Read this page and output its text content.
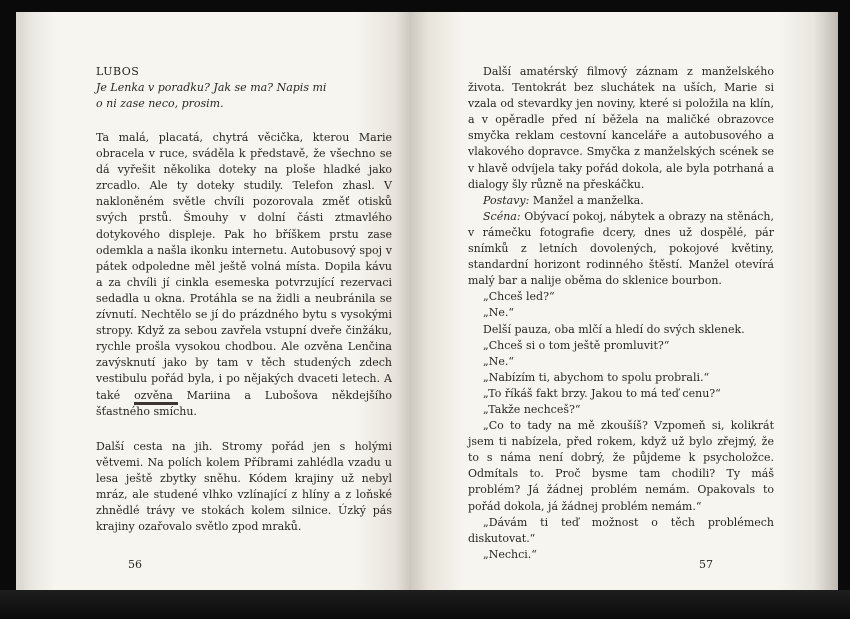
LUBOS

Je Lenka v poradku? Jak se ma? Napis mi o ni zase neco, prosim.

Ta malá, placatá, chytrá věcička, kterou Marie obracela v ruce, sváděla k představě, že všechno se dá vyřešit několika doteky na ploše hladké jako zrcadlo. Ale ty doteky studily. Telefon zhasl. V nakloněném světle chvíli pozorovala změť otisků svých prstů. Šmouhy v dolní části ztmavlého dotykového displeje. Pak ho bříškem prstu zase odemkla a našla ikonku internetu. Autobusový spoj v pátek odpoledne měl ještě volná místa. Dopila kávu a za chvíli jí cinkla esemeska potvrzující rezervaci sedadla u okna. Protáhla se na židli a neubránila se zívnutí. Nechtělo se jí do prázdného bytu s vysokými stropy. Když za sebou zavřela vstupní dveře činžáku, rychle prošla vysokou chodbou. Ale ozvěna Lenčina zavýsknutí jako by tam v těch studených zdech vestibulu pořád byla, i po nějakých dvaceti letech. A také ozvěna Mariina a Lubošova někdejšího šťastného smíchu.

Další cesta na jih. Stromy pořád jen s holými větvemi. Na polích kolem Příbrami zahlédla vzadu u lesa ještě zbytky sněhu. Kódem krajiny už nebyl mráz, ale studené vlhko vzlínající z hlíny a z loňské zhnědlé trávy ve stokách kolem silnice. Úzký pás krajiny ozařovalo světlo zpod mraků.

56

Další amatérský filmový záznam z manželského života. Tentokrát bez sluchátek na uších, Marie si vzala od stevardky jen noviny, které si položila na klín, a v opěradle před ní běžela na maličké obrazovce smyčka reklam cestovní kanceláře a autobusového a vlakového dopravce. Smyčka z manželských scének se v hlavě odvíjela taky pořád dokola, ale byla potrhaná a dialogy šly různě na přeskáčku.

Postavy: Manžel a manželka.

Scéna: Obývací pokoj, nábytek a obrazy na stěnách, v rámečku fotografie dcery, dnes už dospělé, pár snímků z letních dovolených, pokojové květiny, standardní horizont rodinného štěstí. Manžel otevírá malý bar a nalije oběma do sklenice bourbon.

„Chceš led?“

„Ne.“

Delší pauza, oba mlčí a hledí do svých sklenek.

„Chceš si o tom ještě promluvit?“

„Ne.“

„Nabízím ti, abychom to spolu probrali.“

„To říkáš fakt brzy. Jakou to má teď cenu?“

„Takže nechceš?“

„Co to tady na mě zkoušíš? Vzpomeň si, kolikrát jsem ti nabízela, před rokem, když už bylo zřejmý, že to s náma není dobrý, že půjdeme k psycholožce. Odmítals to. Proč bysme tam chodili? Ty máš problém? Já žádnej problém nemám. Opakovals to pořád dokola, já žádnej problém nemám.“

„Dávám ti teď možnost o těch problémech diskutovat.“

„Nechci.“

57
